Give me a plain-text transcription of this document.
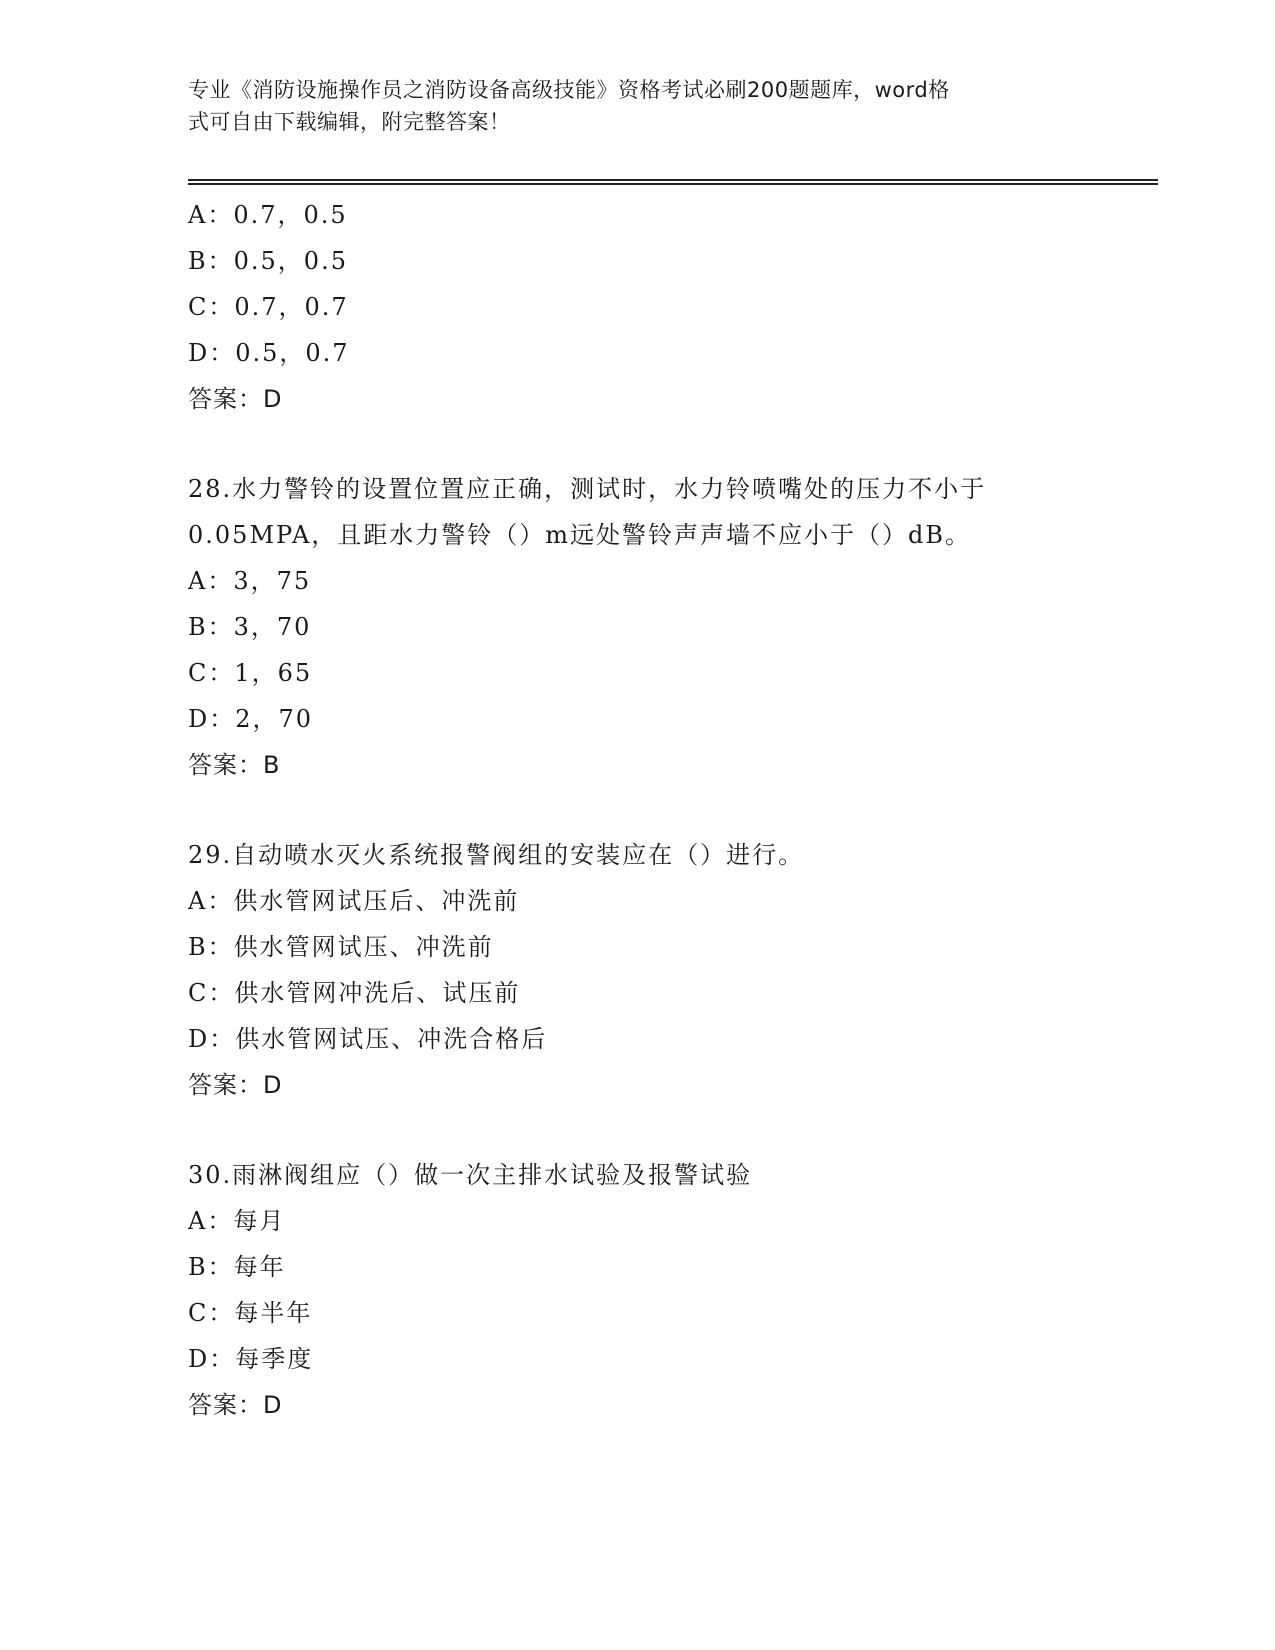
专业《消防设施操作员之消防设备高级技能》资格考试必刷200题题库，word格
式可自由下载编辑，附完整答案！
A：0.7，0.5
B：0.5，0.5
C：0.7，0.7
D：0.5，0.7
答案：D
28.水力警铃的设置位置应正确，测试时，水力铃喷嘴处的压力不小于
0.05MPA，且距水力警铃（）m远处警铃声声墙不应小于（）dB。
A：3，75
B：3，70
C：1，65
D：2，70
答案：B
29.自动喷水灭火系统报警阀组的安装应在（）进行。
A：供水管网试压后、冲洗前
B：供水管网试压、冲洗前
C：供水管网冲洗后、试压前
D：供水管网试压、冲洗合格后
答案：D
30.雨淋阀组应（）做一次主排水试验及报警试验
A：每月
B：每年
C：每半年
D：每季度
答案：D
